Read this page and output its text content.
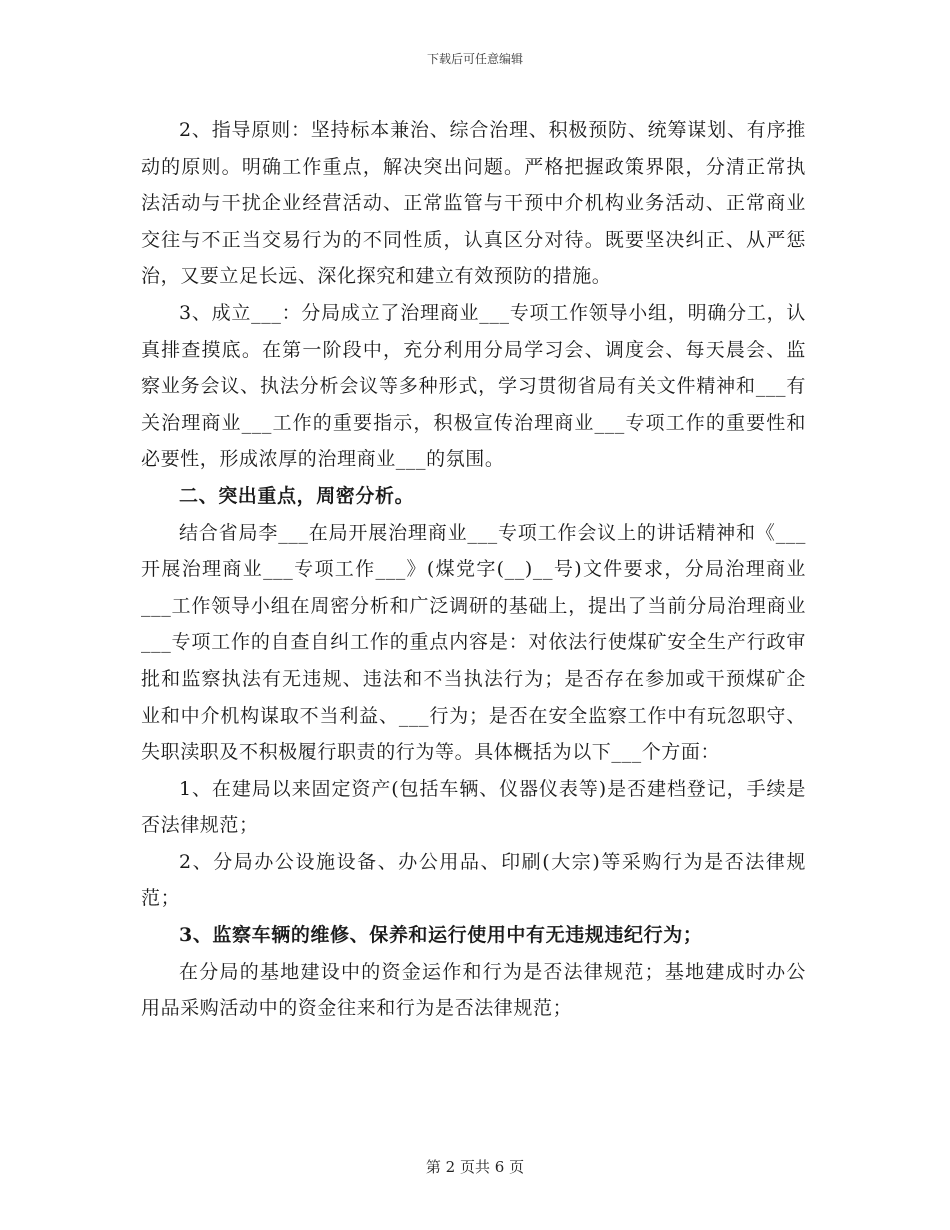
下载后可任意编辑

2、指导原则：坚持标本兼治、综合治理、积极预防、统筹谋划、有序推动的原则。明确工作重点，解决突出问题。严格把握政策界限，分清正常执法活动与干扰企业经营活动、正常监管与干预中介机构业务活动、正常商业交往与不正当交易行为的不同性质，认真区分对待。既要坚决纠正、从严惩治，又要立足长远、深化探究和建立有效预防的措施。

3、成立___：分局成立了治理商业___专项工作领导小组，明确分工，认真排查摸底。在第一阶段中，充分利用分局学习会、调度会、每天晨会、监察业务会议、执法分析会议等多种形式，学习贯彻省局有关文件精神和___有关治理商业___工作的重要指示，积极宣传治理商业___专项工作的重要性和必要性，形成浓厚的治理商业___的氛围。

二、突出重点，周密分析。

结合省局李___在局开展治理商业___专项工作会议上的讲话精神和《___开展治理商业___专项工作___》(煤党字(__)__号)文件要求，分局治理商业___工作领导小组在周密分析和广泛调研的基础上，提出了当前分局治理商业___专项工作的自查自纠工作的重点内容是：对依法行使煤矿安全生产行政审批和监察执法有无违规、违法和不当执法行为；是否存在参加或干预煤矿企业和中介机构谋取不当利益、___行为；是否在安全监察工作中有玩忽职守、失职渎职及不积极履行职责的行为等。具体概括为以下___个方面：

1、在建局以来固定资产(包括车辆、仪器仪表等)是否建档登记，手续是否法律规范；

2、分局办公设施设备、办公用品、印刷(大宗)等采购行为是否法律规范；

3、监察车辆的维修、保养和运行使用中有无违规违纪行为；

在分局的基地建设中的资金运作和行为是否法律规范；基地建成时办公用品采购活动中的资金往来和行为是否法律规范；

第 2 页共 6 页
